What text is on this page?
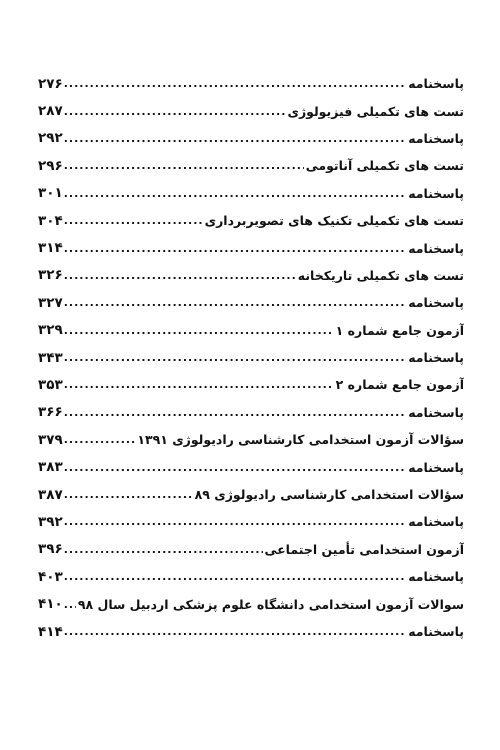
پاسخنامه
.....
۲۷۶
تست های تکمیلی فیزیولوژی
.....
۲۸۷
پاسخنامه
.....
۲۹۲
تست های تکمیلی آناتومی
.....
۲۹۶
پاسخنامه
.....
۳۰۱
تست های تکمیلی تکنیک های تصویربرداری
.....
۳۰۴
پاسخنامه
.....
۳۱۴
تست های تکمیلی تاریکخانه
.....
۳۲۶
پاسخنامه
.....
۳۲۷
آزمون جامع شماره ۱
.....
۳۲۹
پاسخنامه
.....
۳۴۳
آزمون جامع شماره ۲
.....
۳۵۳
پاسخنامه
.....
۳۶۶
سؤالات آزمون استخدامی کارشناسی رادیولوژی ۱۳۹۱
.....
۳۷۹
پاسخنامه
.....
۳۸۳
سؤالات استخدامی کارشناسی رادیولوژی ۸۹
.....
۳۸۷
پاسخنامه
.....
۳۹۲
آزمون استخدامی تأمین اجتماعی
.....
۳۹۶
پاسخنامه
.....
۴۰۳
سوالات آزمون استخدامی دانشگاه علوم پزشکی اردبیل سال ۹۸
.....
۴۱۰
پاسخنامه
.....
۴۱۴
